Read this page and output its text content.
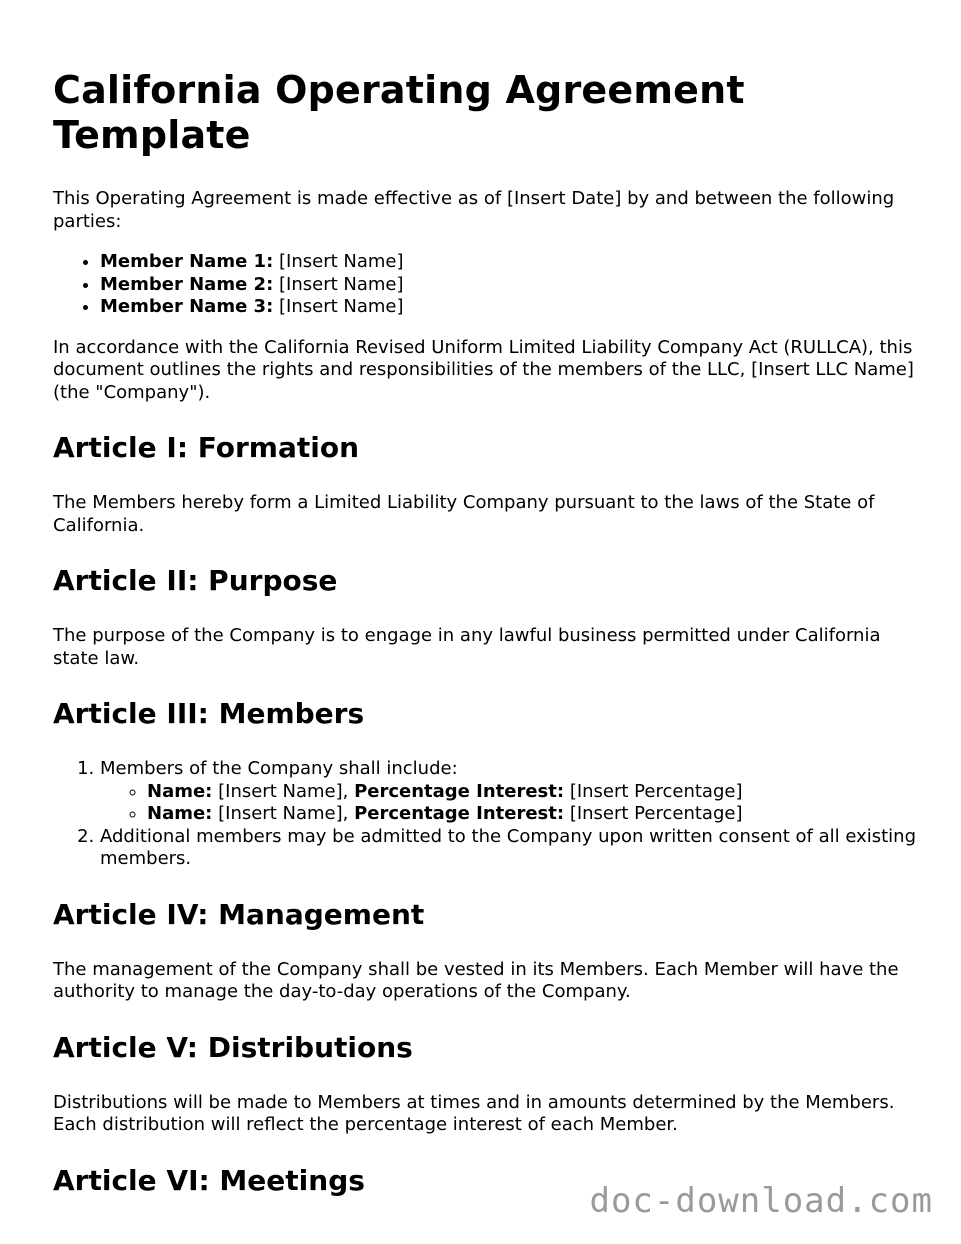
California Operating Agreement Template

This Operating Agreement is made effective as of [Insert Date] by and between the following parties:

• Member Name 1: [Insert Name]
• Member Name 2: [Insert Name]
• Member Name 3: [Insert Name]

In accordance with the California Revised Uniform Limited Liability Company Act (RULLCA), this document outlines the rights and responsibilities of the members of the LLC, [Insert LLC Name] (the "Company").

Article I: Formation

The Members hereby form a Limited Liability Company pursuant to the laws of the State of California.

Article II: Purpose

The purpose of the Company is to engage in any lawful business permitted under California state law.

Article III: Members
1. Members of the Company shall include:
◦ Name: [Insert Name], Percentage Interest: [Insert Percentage]
◦ Name: [Insert Name], Percentage Interest: [Insert Percentage]
2. Additional members may be admitted to the Company upon written consent of all existing members.
Article IV: Management

The management of the Company shall be vested in its Members. Each Member will have the authority to manage the day-to-day operations of the Company.

Article V: Distributions

Distributions will be made to Members at times and in amounts determined by the Members. Each distribution will reflect the percentage interest of each Member.

Article VI: Meetings
doc-download.com
